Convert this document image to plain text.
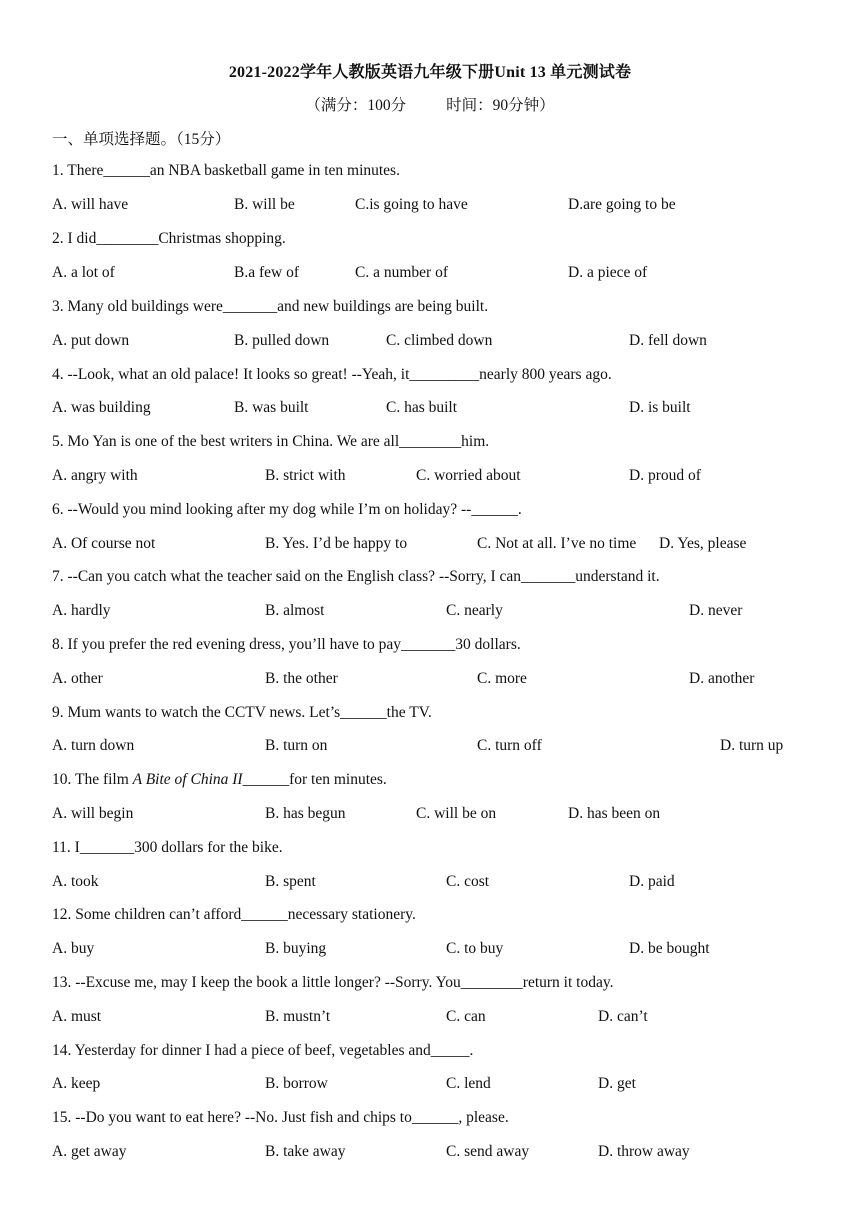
2021-2022学年人教版英语九年级下册Unit 13 单元测试卷
（满分：100分	时间：90分钟）
一、单项选择题。（15分）
1. There______an NBA basketball game in ten minutes.
A. will have	B. will be	C.is going to have	D.are going to be
2. I did________Christmas shopping.
A. a lot of	B.a few of	C. a number of	D. a piece of
3. Many old buildings were_______and new buildings are being built.
A. put down	B. pulled down	C. climbed down	D. fell down
4. --Look, what an old palace! It looks so great! --Yeah, it_________nearly 800 years ago.
A. was building	B. was built	C. has built	D. is built
5. Mo Yan is one of the best writers in China. We are all________him.
A. angry with	B. strict with	C. worried about	D. proud of
6. --Would you mind looking after my dog while I’m on holiday? --______.
A. Of course not	B. Yes. I’d be happy to	C. Not at all. I’ve no time D. Yes, please
7. --Can you catch what the teacher said on the English class? --Sorry, I can_______understand it.
A. hardly	B. almost	C. nearly	D. never
8. If you prefer the red evening dress, you’ll have to pay_______30 dollars.
A. other	B. the other	C. more	D. another
9. Mum wants to watch the CCTV news. Let’s______the TV.
A. turn down	B. turn on	C. turn off	D. turn up
10. The film A Bite of China II______for ten minutes.
A. will begin	B. has begun	C. will be on	D. has been on
11. I_______300 dollars for the bike.
A. took	B. spent	C. cost	D. paid
12. Some children can’t afford______necessary stationery.
A. buy	B. buying	C. to buy	D. be bought
13. --Excuse me, may I keep the book a little longer? --Sorry. You________return it today.
A. must	B. mustn’t	C. can	D. can’t
14. Yesterday for dinner I had a piece of beef, vegetables and_____.
A. keep	B. borrow	C. lend	D. get
15. --Do you want to eat here? --No. Just fish and chips to______, please.
A. get away	B. take away	C. send away	D. throw away
